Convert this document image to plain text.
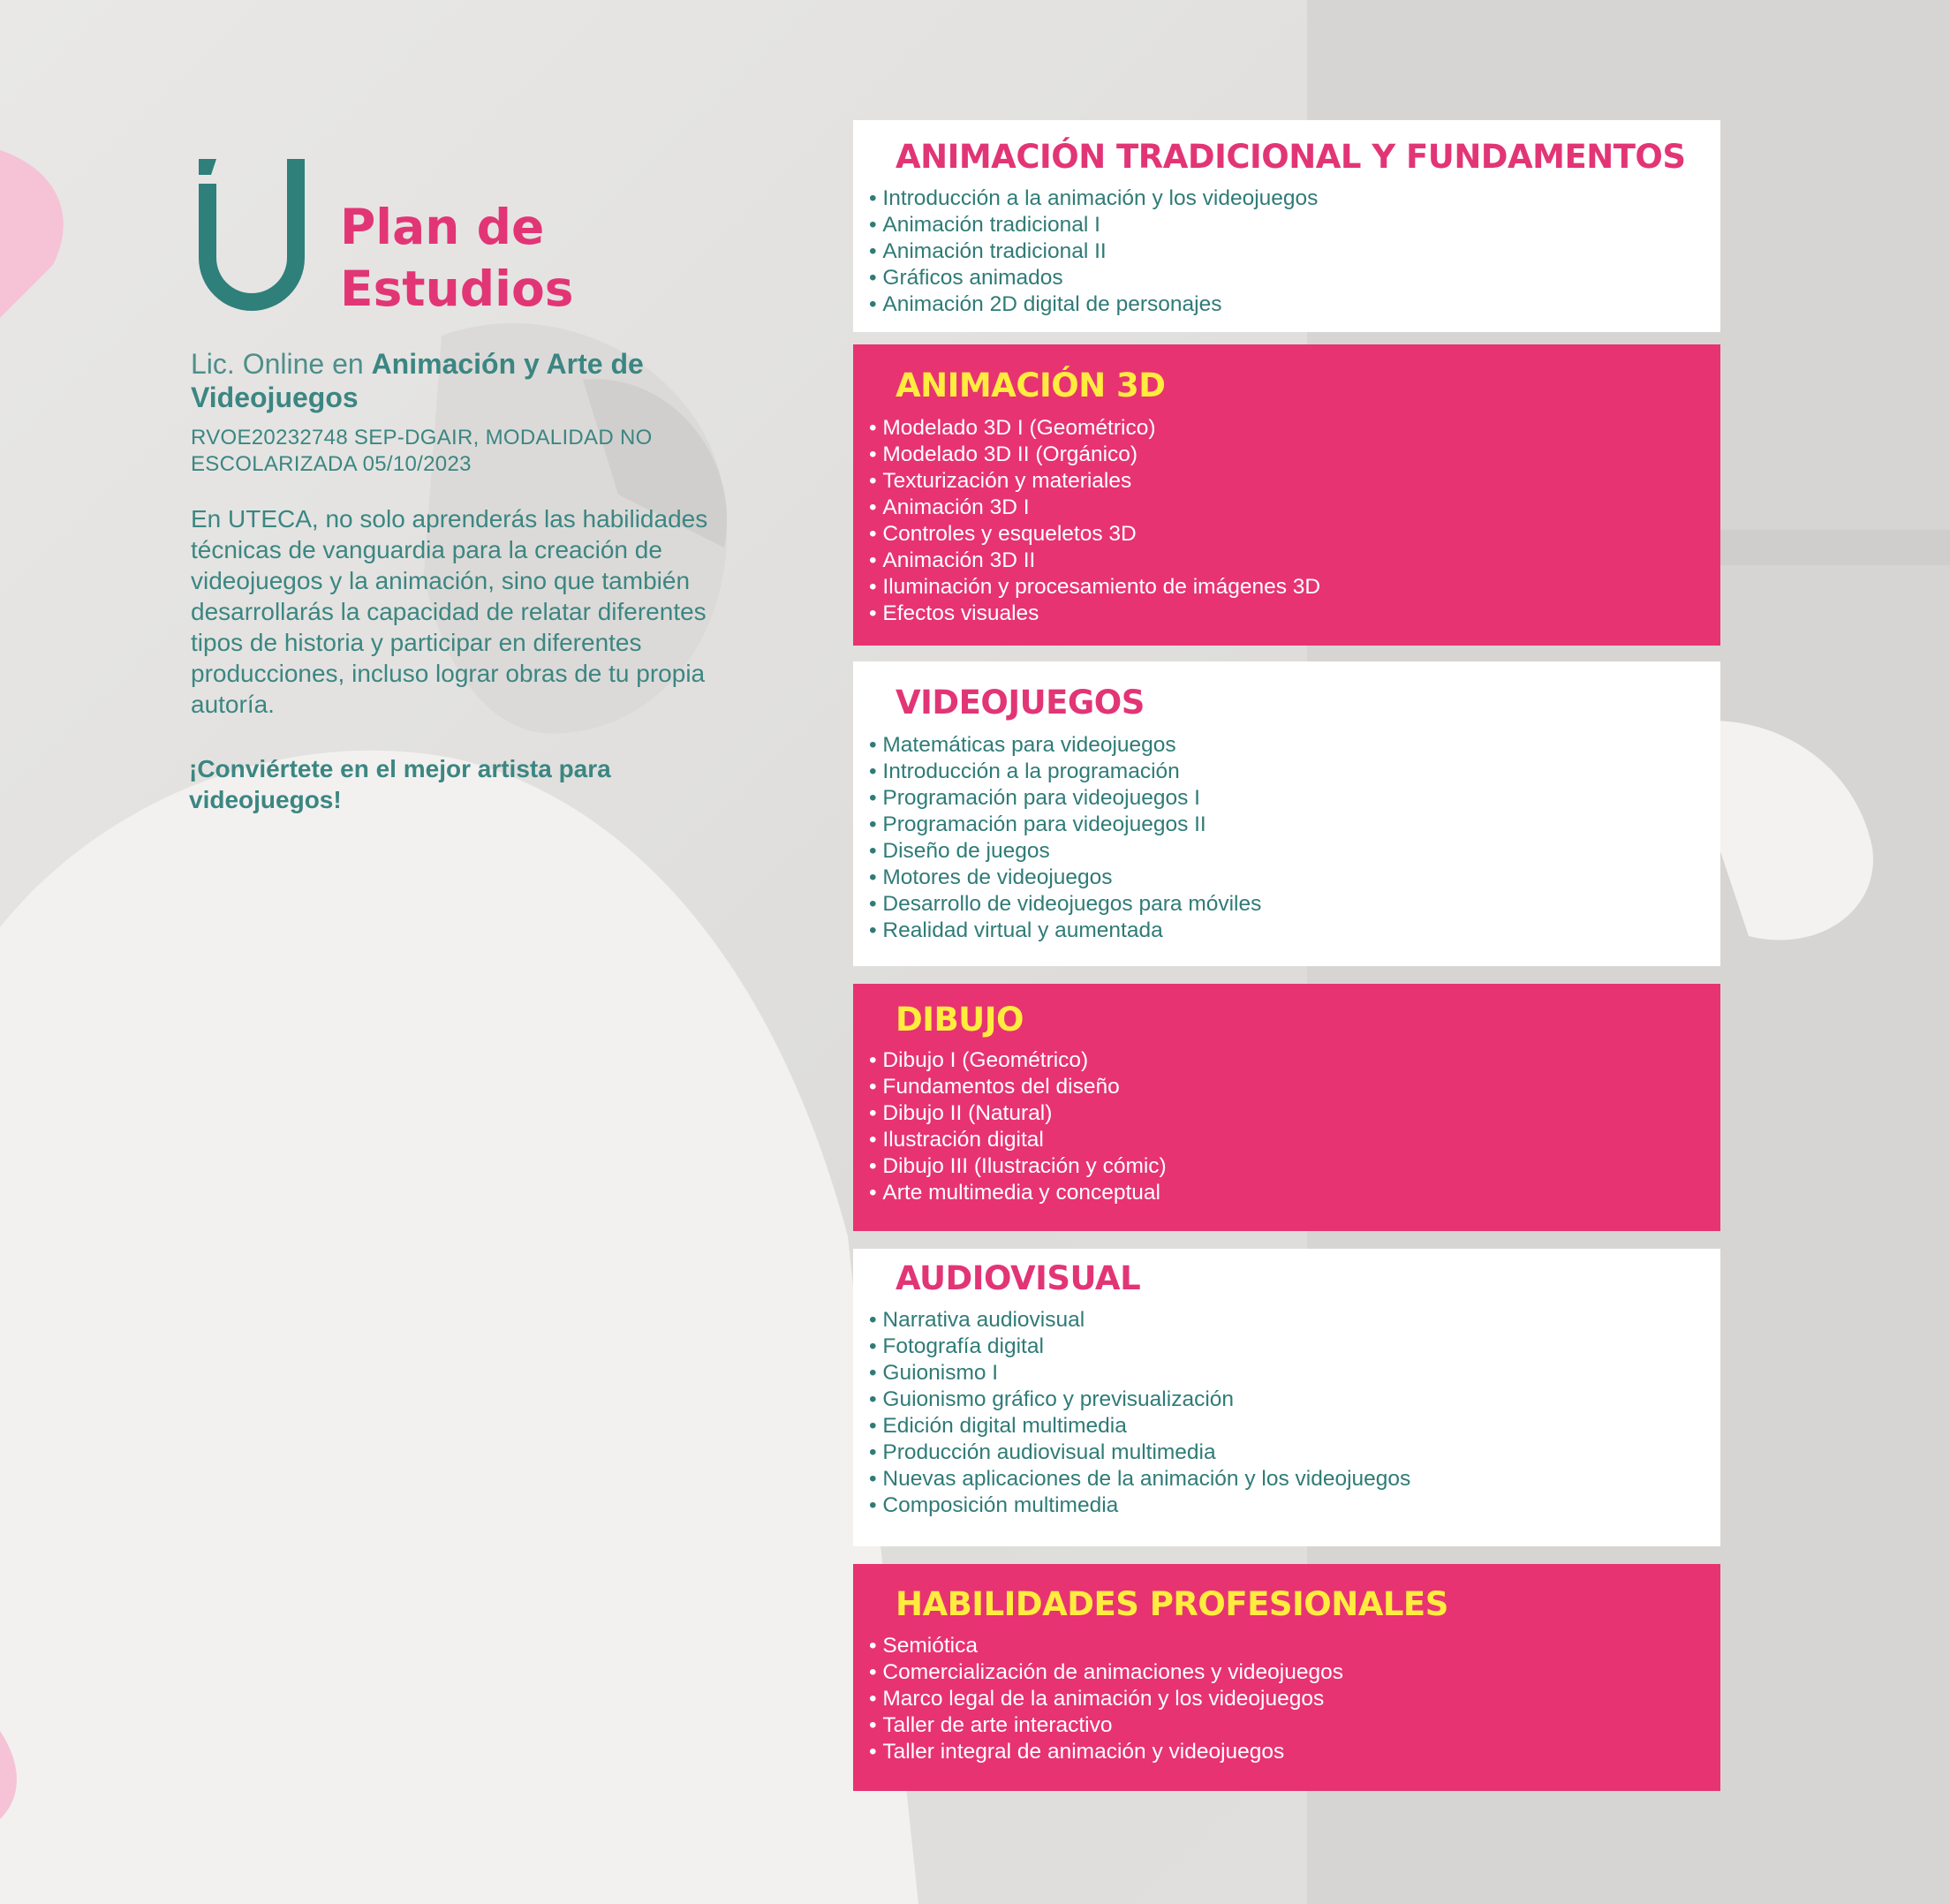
Plan de
Estudios

Lic. Online en Animación y Arte de Videojuegos

RVOE20232748 SEP-DGAIR, MODALIDAD NO ESCOLARIZADA 05/10/2023

En UTECA, no solo aprenderás las habilidades técnicas de vanguardia para la creación de videojuegos y la animación, sino que también desarrollarás la capacidad de relatar diferentes tipos de historia y participar en diferentes producciones, incluso lograr obras de tu propia autoría.

¡Conviértete en el mejor artista para videojuegos!

ANIMACIÓN TRADICIONAL Y FUNDAMENTOS
• Introducción a la animación y los videojuegos
• Animación tradicional I
• Animación tradicional II
• Gráficos animados
• Animación 2D digital de personajes
ANIMACIÓN 3D
• Modelado 3D I (Geométrico)
• Modelado 3D II (Orgánico)
• Texturización y materiales
• Animación 3D I
• Controles y esqueletos 3D
• Animación 3D II
• Iluminación y procesamiento de imágenes 3D
• Efectos visuales
VIDEOJUEGOS
• Matemáticas para videojuegos
• Introducción a la programación
• Programación para videojuegos I
• Programación para videojuegos II
• Diseño de juegos
• Motores de videojuegos
• Desarrollo de videojuegos para móviles
• Realidad virtual y aumentada
DIBUJO
• Dibujo I (Geométrico)
• Fundamentos del diseño
• Dibujo II (Natural)
• Ilustración digital
• Dibujo III (Ilustración y cómic)
• Arte multimedia y conceptual
AUDIOVISUAL
• Narrativa audiovisual
• Fotografía digital
• Guionismo I
• Guionismo gráfico y previsualización
• Edición digital multimedia
• Producción audiovisual multimedia
• Nuevas aplicaciones de la animación y los videojuegos
• Composición multimedia
HABILIDADES PROFESIONALES
• Semiótica
• Comercialización de animaciones y videojuegos
• Marco legal de la animación y los videojuegos
• Taller de arte interactivo
• Taller integral de animación y videojuegos
